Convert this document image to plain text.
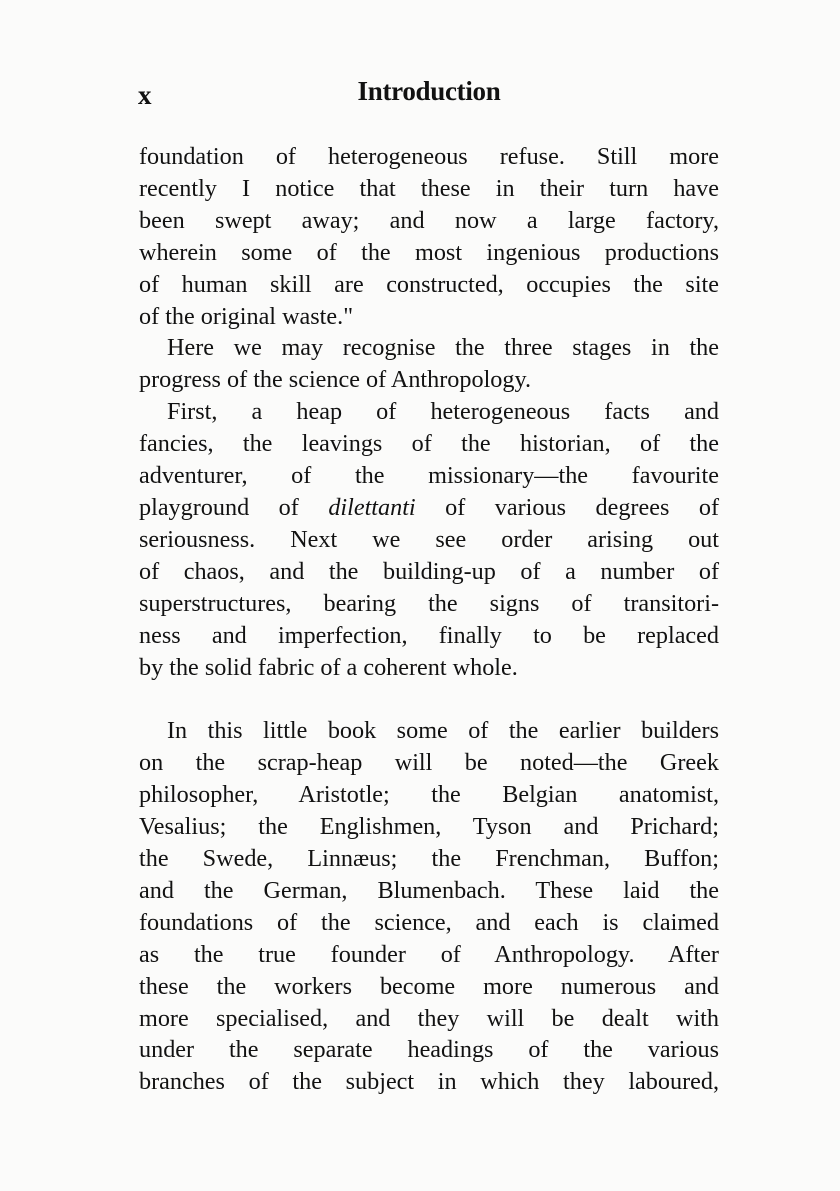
x	Introduction

foundation of heterogeneous refuse. Still more

recently I notice that these in their turn have

been swept away; and now a large factory,

wherein some of the most ingenious productions

of human skill are constructed, occupies the site

of the original waste."

Here we may recognise the three stages in the

progress of the science of Anthropology.

First, a heap of heterogeneous facts and

fancies, the leavings of the historian, of the

adventurer, of the missionary—the favourite

playground of dilettanti of various degrees of

seriousness. Next we see order arising out

of chaos, and the building-up of a number of

superstructures, bearing the signs of transitori-

ness and imperfection, finally to be replaced

by the solid fabric of a coherent whole.

In this little book some of the earlier builders

on the scrap-heap will be noted—the Greek

philosopher, Aristotle; the Belgian anatomist,

Vesalius; the Englishmen, Tyson and Prichard;

the Swede, Linnæus; the Frenchman, Buffon;

and the German, Blumenbach. These laid the

foundations of the science, and each is claimed

as the true founder of Anthropology. After

these the workers become more numerous and

more specialised, and they will be dealt with

under the separate headings of the various

branches of the subject in which they laboured,
